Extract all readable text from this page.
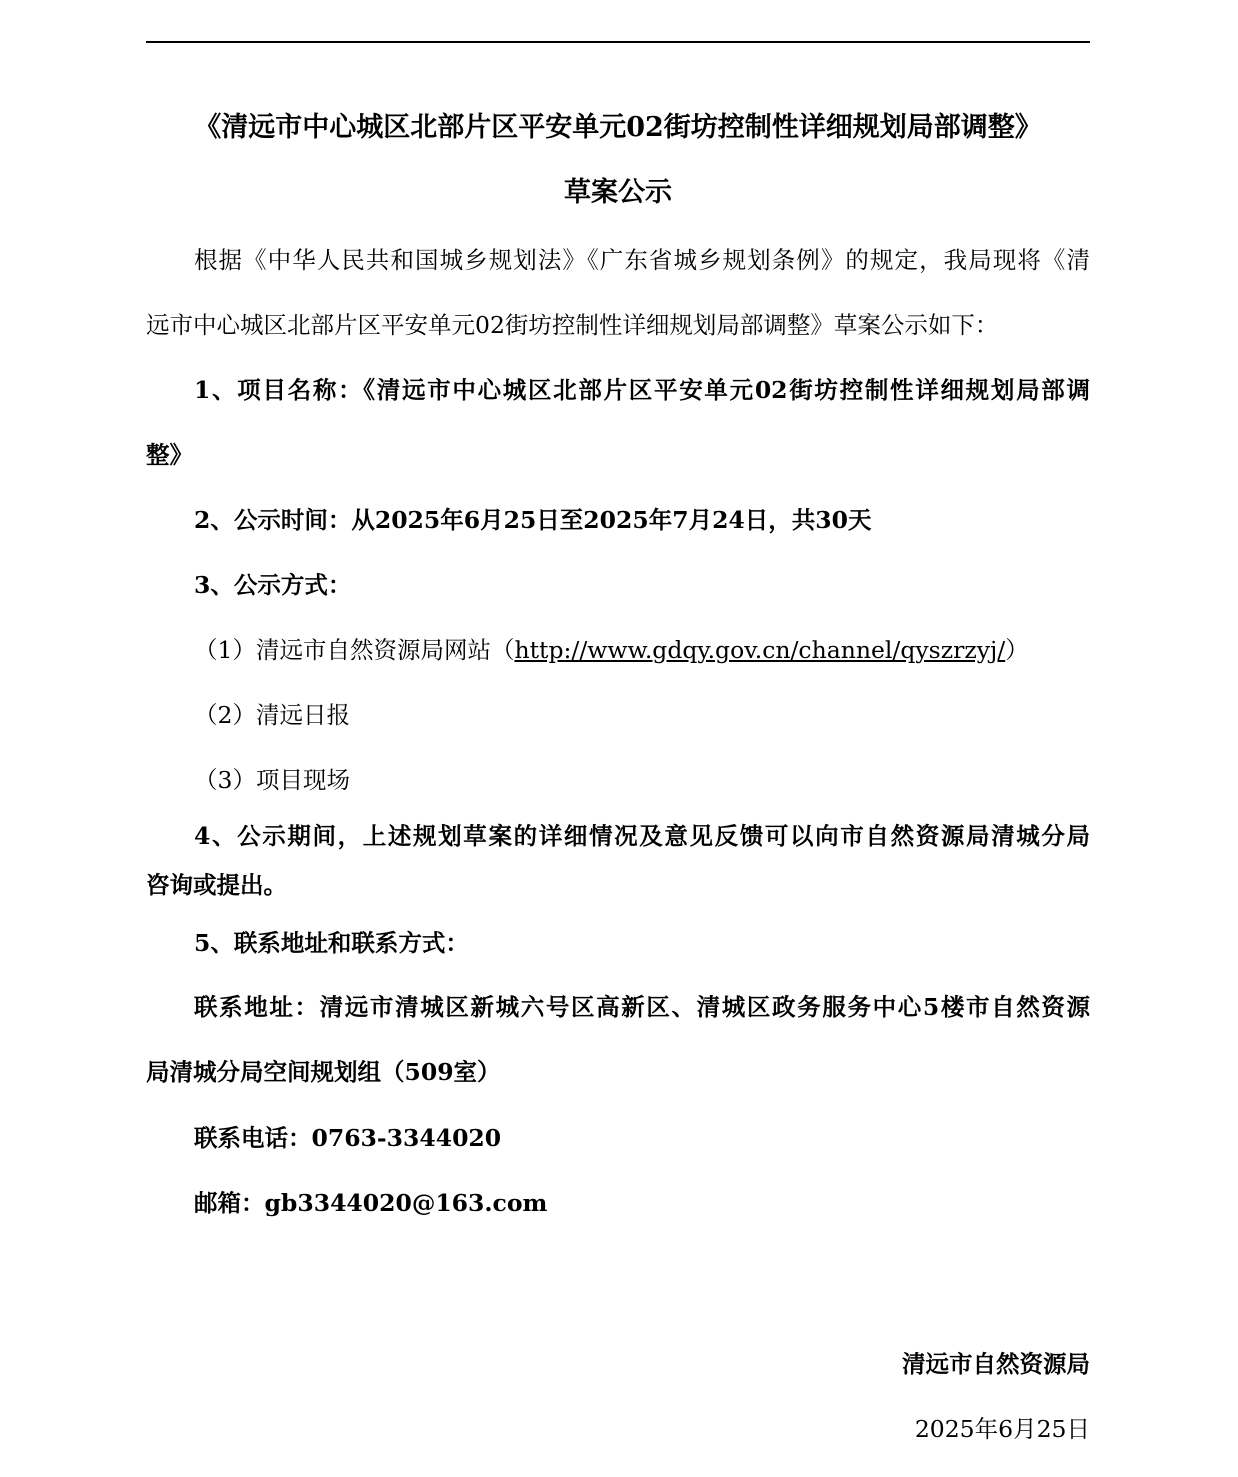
《清远市中心城区北部片区平安单元02街坊控制性详细规划局部调整》
草案公示
根据《中华人民共和国城乡规划法》《广东省城乡规划条例》的规定，我局现将《清
远市中心城区北部片区平安单元02街坊控制性详细规划局部调整》草案公示如下：
1、项目名称：《清远市中心城区北部片区平安单元02街坊控制性详细规划局部调
整》
2、公示时间：从2025年6月25日至2025年7月24日，共30天
3、公示方式：
（1）清远市自然资源局网站（http://www.gdqy.gov.cn/channel/qyszrzyj/）
（2）清远日报
（3）项目现场
4、公示期间，上述规划草案的详细情况及意见反馈可以向市自然资源局清城分局
咨询或提出。
5、联系地址和联系方式：
联系地址：清远市清城区新城六号区高新区、清城区政务服务中心5楼市自然资源
局清城分局空间规划组（509室）
联系电话：0763-3344020
邮箱：gb3344020@163.com
清远市自然资源局
2025年6月25日
